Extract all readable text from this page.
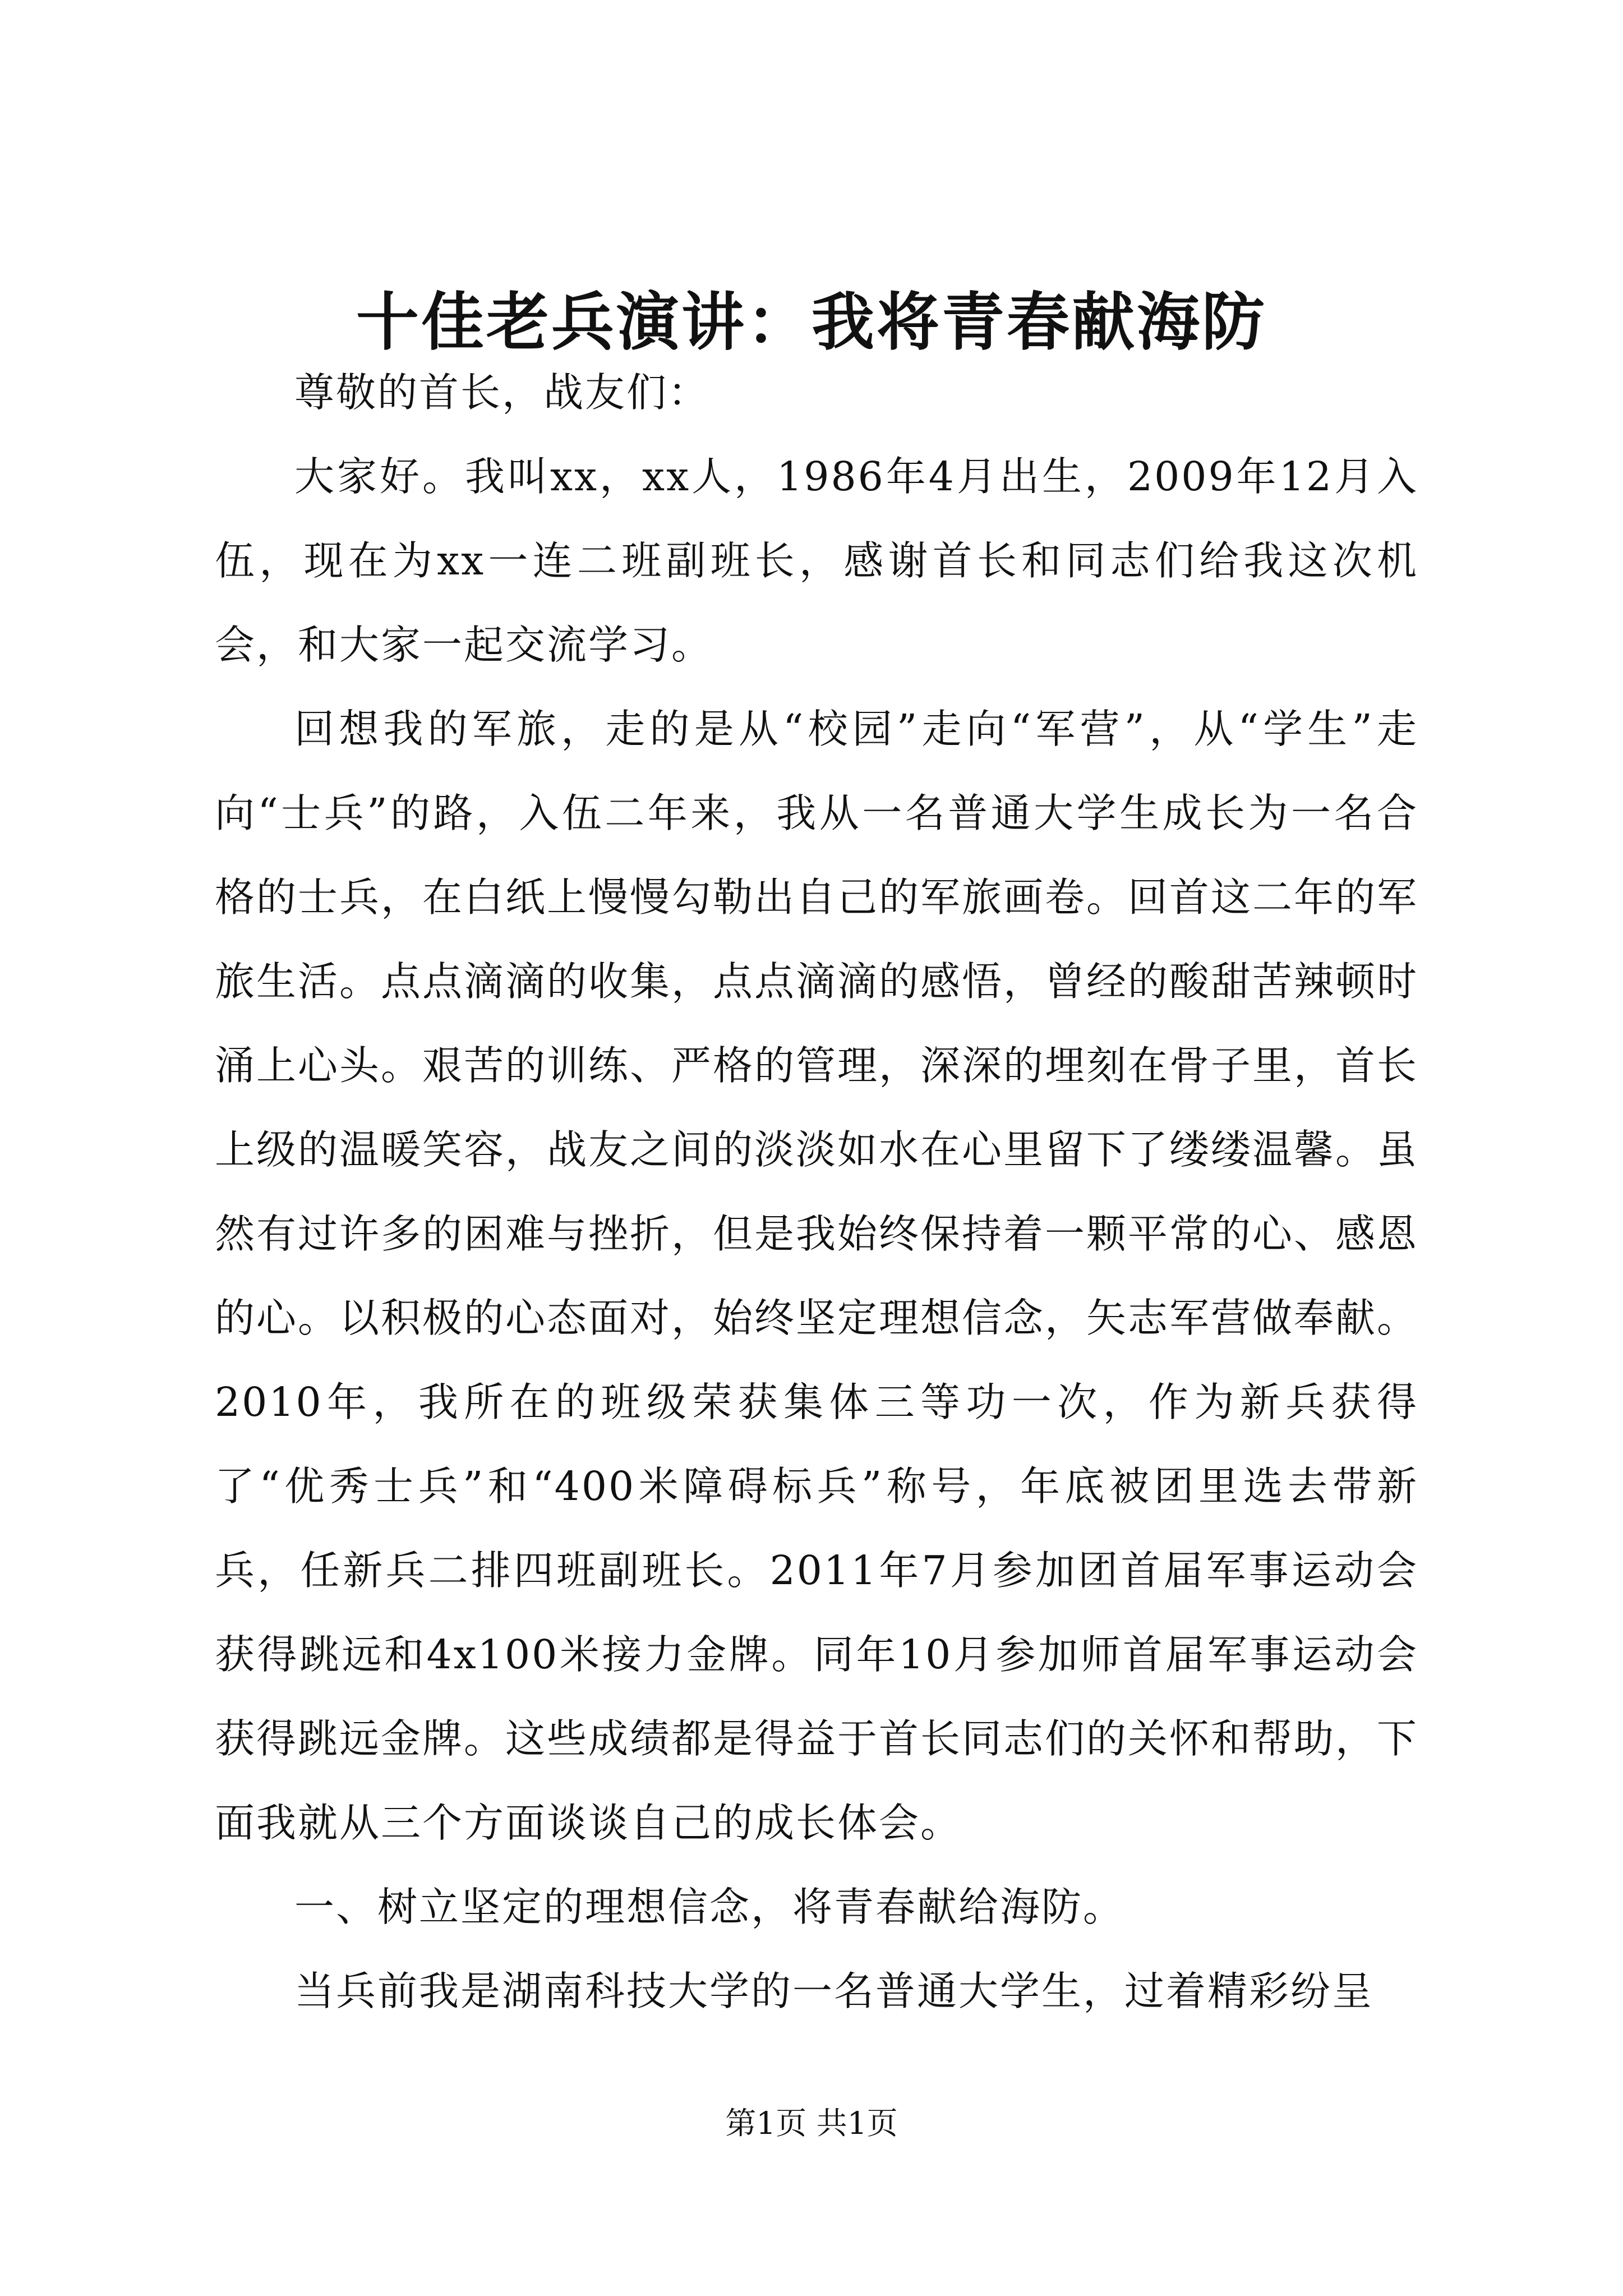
十佳老兵演讲：我将青春献海防

尊敬的首长，战友们：

大家好。我叫xx，xx人，1986年4月出生，2009年12月入伍，现在为xx一连二班副班长，感谢首长和同志们给我这次机会，和大家一起交流学习。

回想我的军旅，走的是从“校园”走向“军营”，从“学生”走向“士兵”的路，入伍二年来，我从一名普通大学生成长为一名合格的士兵，在白纸上慢慢勾勒出自己的军旅画卷。回首这二年的军旅生活。点点滴滴的收集，点点滴滴的感悟，曾经的酸甜苦辣顿时涌上心头。艰苦的训练、严格的管理，深深的埋刻在骨子里，首长上级的温暖笑容，战友之间的淡淡如水在心里留下了缕缕温馨。虽然有过许多的困难与挫折，但是我始终保持着一颗平常的心、感恩的心。以积极的心态面对，始终坚定理想信念，矢志军营做奉献。2010年，我所在的班级荣获集体三等功一次，作为新兵获得了“优秀士兵”和“400米障碍标兵”称号，年底被团里选去带新兵，任新兵二排四班副班长。2011年7月参加团首届军事运动会获得跳远和4x100米接力金牌。同年10月参加师首届军事运动会获得跳远金牌。这些成绩都是得益于首长同志们的关怀和帮助，下面我就从三个方面谈谈自己的成长体会。

一、树立坚定的理想信念，将青春献给海防。

当兵前我是湖南科技大学的一名普通大学生，过着精彩纷呈

第1页 共1页
